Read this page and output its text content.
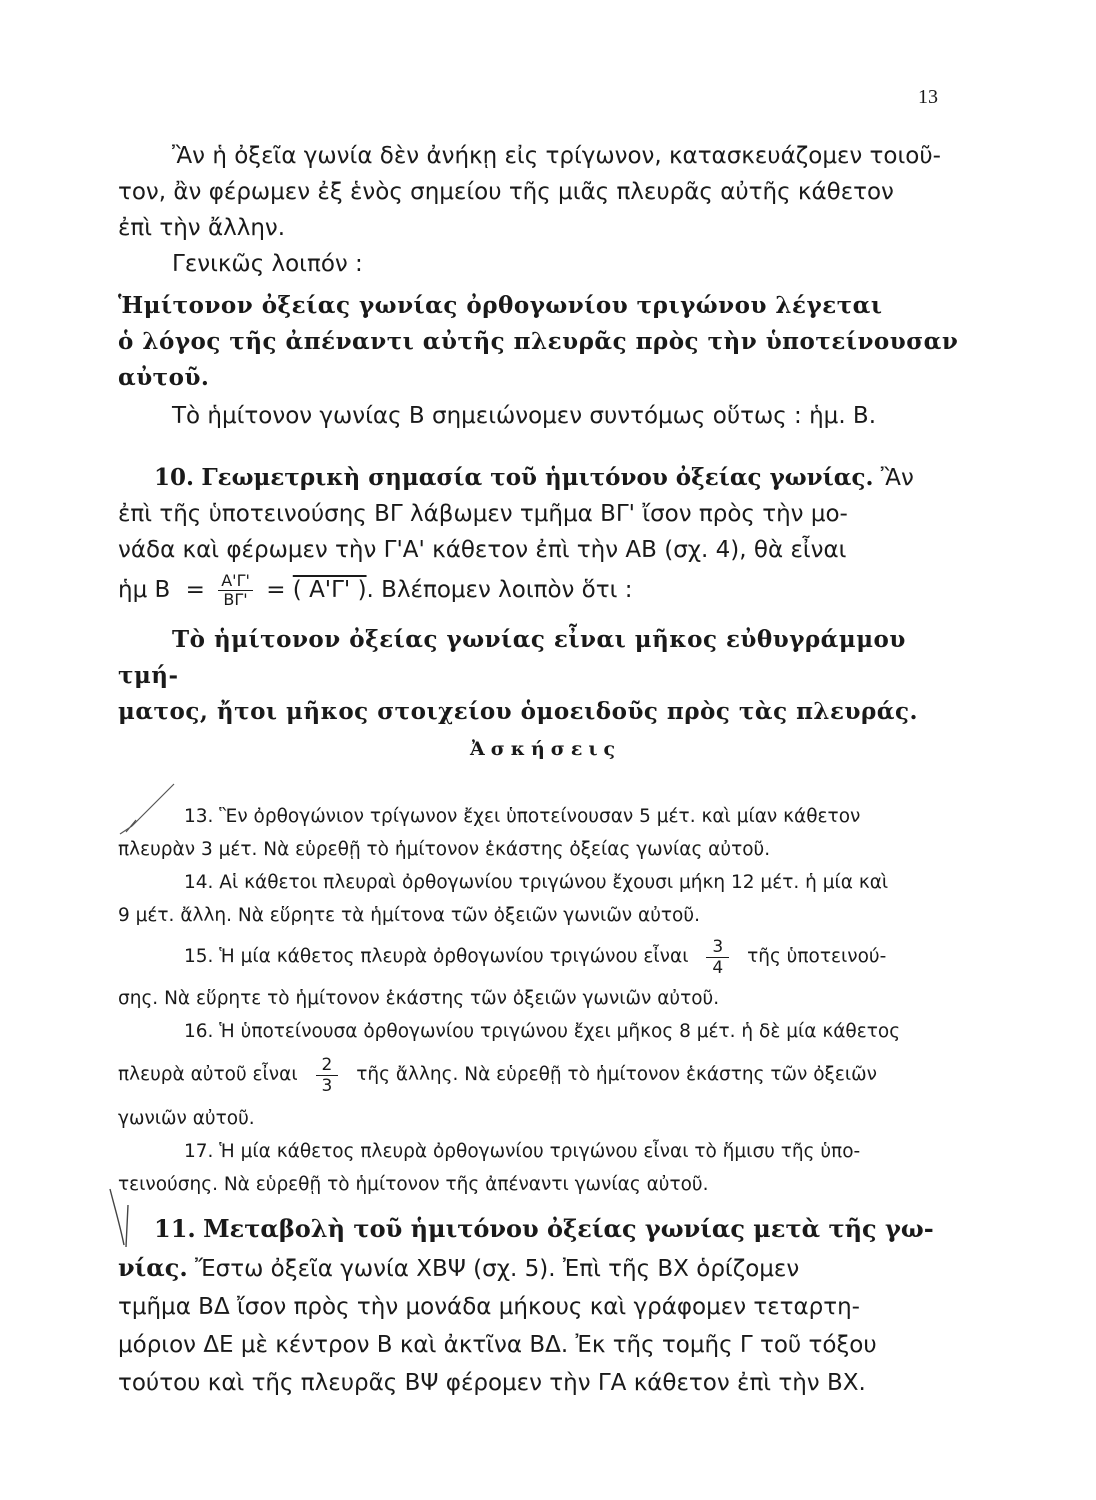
13

Ἂν ἡ ὀξεῖα γωνία δὲν ἀνήκῃ εἰς τρίγωνον, κατασκευάζομεν τοιοῦ-

τον, ἂν φέρωμεν ἐξ ἑνὸς σημείου τῆς μιᾶς πλευρᾶς αὐτῆς κάθετον

ἐπὶ τὴν ἄλλην.

Γενικῶς λοιπόν :

Ἡμίτονον ὀξείας γωνίας ὀρθογωνίου τριγώνου λέγεται

ὁ λόγος τῆς ἀπέναντι αὐτῆς πλευρᾶς πρὸς τὴν ὑποτείνουσαν

αὐτοῦ.

Τὸ ἡμίτονον γωνίας Β σημειώνομεν συντόμως οὕτως : ἡμ. Β.

10. Γεωμετρικὴ σημασία τοῦ ἡμιτόνου ὀξείας γωνίας. Ἂν

ἐπὶ τῆς ὑποτεινούσης ΒΓ λάβωμεν τμῆμα ΒΓ' ἴσον πρὸς τὴν μο-

νάδα καὶ φέρωμεν τὴν Γ'Α' κάθετον ἐπὶ τὴν ΑΒ (σχ. 4), θὰ εἶναι

ἡμ $B = \frac{A'\Gamma'}{B\Gamma'}$ = ( Α'Γ' ). Βλέπομεν λοιπὸν ὅτι :

Τὸ ἡμίτονον ὀξείας γωνίας εἶναι μῆκος εὐθυγράμμου τμή-

ματος, ἤτοι μῆκος στοιχείου ὁμοειδοῦς πρὸς τὰς πλευράς.

Ἀσκήσεις

13. Ἓν ὀρθογώνιον τρίγωνον ἔχει ὑποτείνουσαν 5 μέτ. καὶ μίαν κάθετον

πλευρὰν 3 μέτ. Νὰ εὑρεθῇ τὸ ἡμίτονον ἑκάστης ὀξείας γωνίας αὐτοῦ.

14. Αἱ κάθετοι πλευραὶ ὀρθογωνίου τριγώνου ἔχουσι μήκη 12 μέτ. ἡ μία καὶ

9 μέτ. ἄλλη. Νὰ εὕρητε τὰ ἡμίτονα τῶν ὀξειῶν γωνιῶν αὐτοῦ.

15. Ἡ μία κάθετος πλευρὰ ὀρθογωνίου τριγώνου εἶναι $\frac{3}{4}$ τῆς ὑποτεινού-

σης. Νὰ εὕρητε τὸ ἡμίτονον ἑκάστης τῶν ὀξειῶν γωνιῶν αὐτοῦ.

16. Ἡ ὑποτείνουσα ὀρθογωνίου τριγώνου ἔχει μῆκος 8 μέτ. ἡ δὲ μία κάθετος

πλευρὰ αὐτοῦ εἶναι $\frac{2}{3}$ τῆς ἄλλης. Νὰ εὑρεθῇ τὸ ἡμίτονον ἑκάστης τῶν ὀξειῶν

γωνιῶν αὐτοῦ.

17. Ἡ μία κάθετος πλευρὰ ὀρθογωνίου τριγώνου εἶναι τὸ ἥμισυ τῆς ὑπο-

τεινούσης. Νὰ εὑρεθῇ τὸ ἡμίτονον τῆς ἀπέναντι γωνίας αὐτοῦ.

11. Μεταβολὴ τοῦ ἡμιτόνου ὀξείας γωνίας μετὰ τῆς γω-

νίας. Ἔστω ὀξεῖα γωνία ΧΒΨ (σχ. 5). Ἐπὶ τῆς ΒΧ ὁρίζομεν

τμῆμα ΒΔ ἴσον πρὸς τὴν μονάδα μήκους καὶ γράφομεν τεταρτη-

μόριον ΔΕ μὲ κέντρον Β καὶ ἀκτῖνα ΒΔ. Ἐκ τῆς τομῆς Γ τοῦ τόξου

τούτου καὶ τῆς πλευρᾶς ΒΨ φέρομεν τὴν ΓΑ κάθετον ἐπὶ τὴν ΒΧ.
